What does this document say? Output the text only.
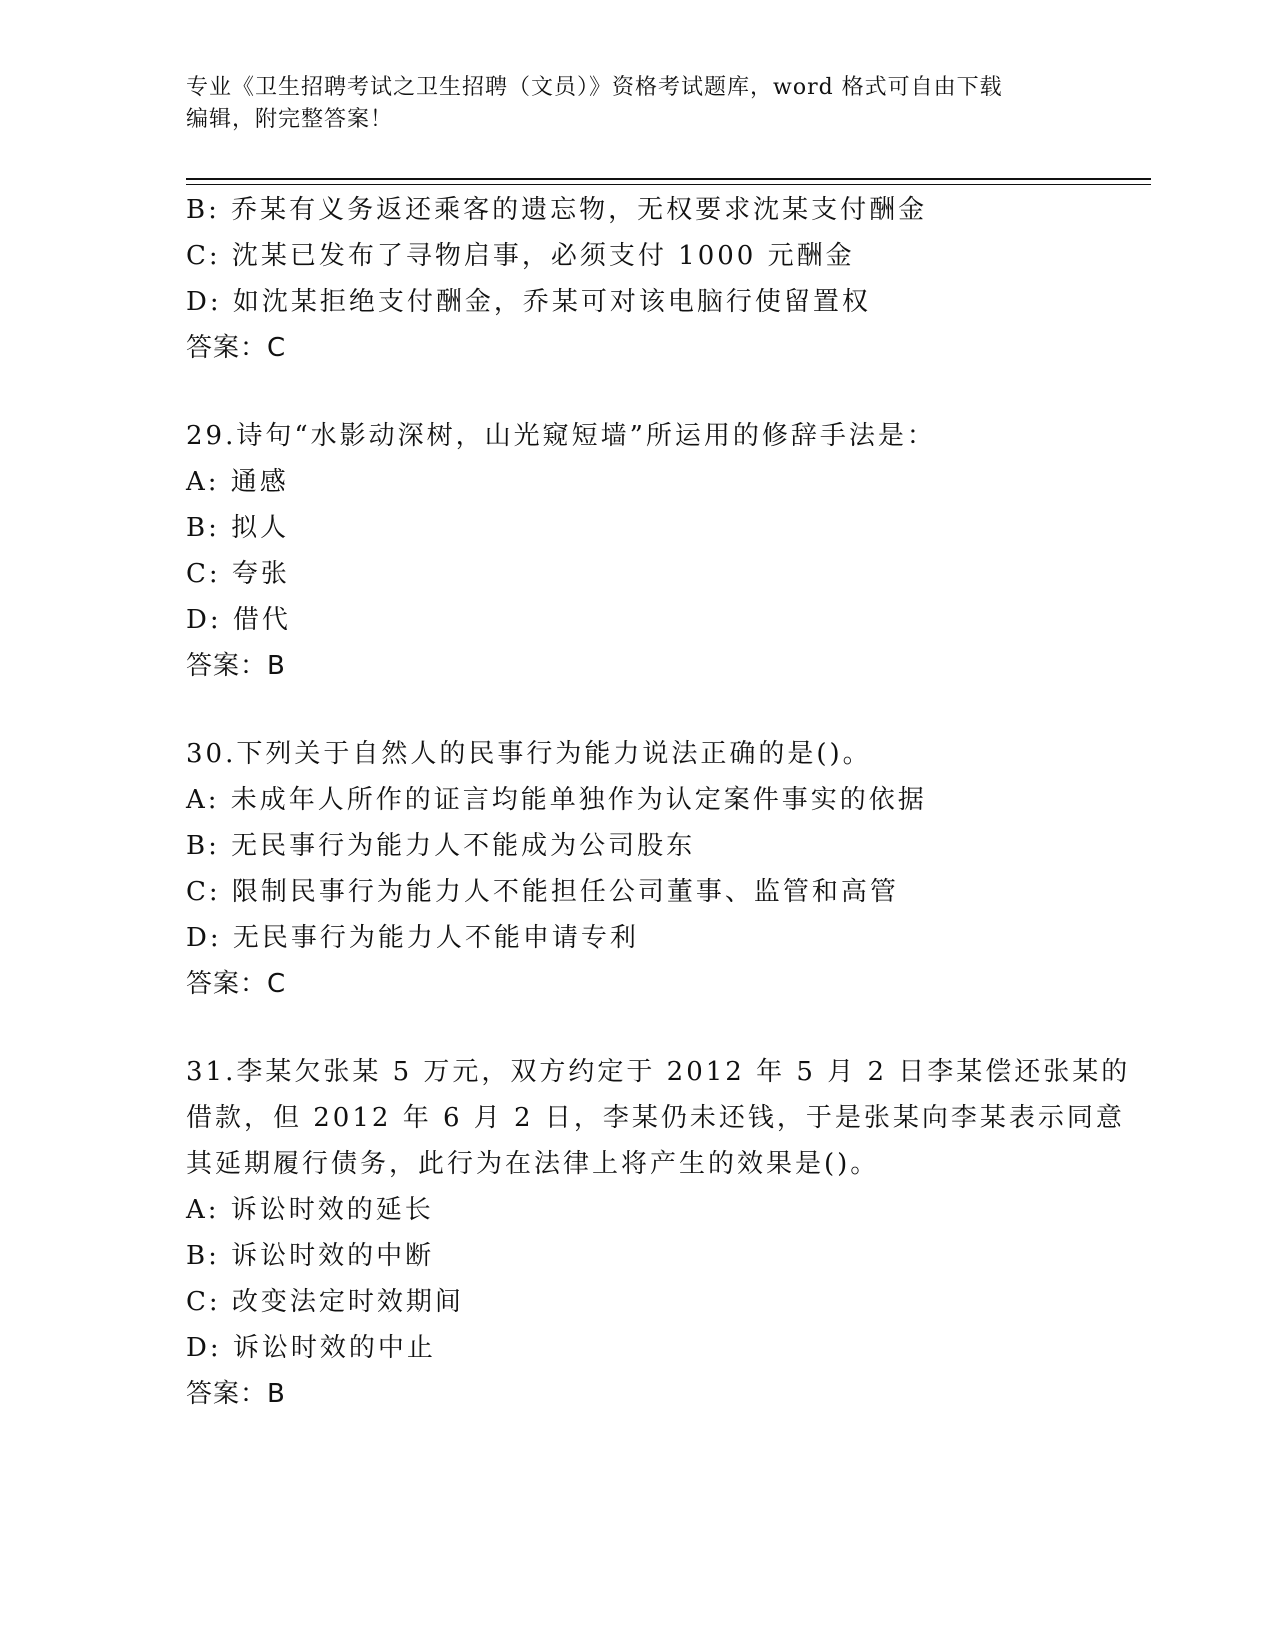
专业《卫生招聘考试之卫生招聘（文员）》资格考试题库，word 格式可自由下载
编辑，附完整答案！
B: 乔某有义务返还乘客的遗忘物，无权要求沈某支付酬金
C: 沈某已发布了寻物启事，必须支付 1000 元酬金
D: 如沈某拒绝支付酬金，乔某可对该电脑行使留置权
答案：C
29.诗句“水影动深树，山光窥短墙”所运用的修辞手法是：
A: 通感
B: 拟人
C: 夸张
D: 借代
答案：B
30.下列关于自然人的民事行为能力说法正确的是()。
A: 未成年人所作的证言均能单独作为认定案件事实的依据
B: 无民事行为能力人不能成为公司股东
C: 限制民事行为能力人不能担任公司董事、监管和高管
D: 无民事行为能力人不能申请专利
答案：C
31.李某欠张某 5 万元，双方约定于 2012 年 5 月 2 日李某偿还张某的
借款，但 2012 年 6 月 2 日，李某仍未还钱，于是张某向李某表示同意
其延期履行债务，此行为在法律上将产生的效果是()。
A: 诉讼时效的延长
B: 诉讼时效的中断
C: 改变法定时效期间
D: 诉讼时效的中止
答案：B
